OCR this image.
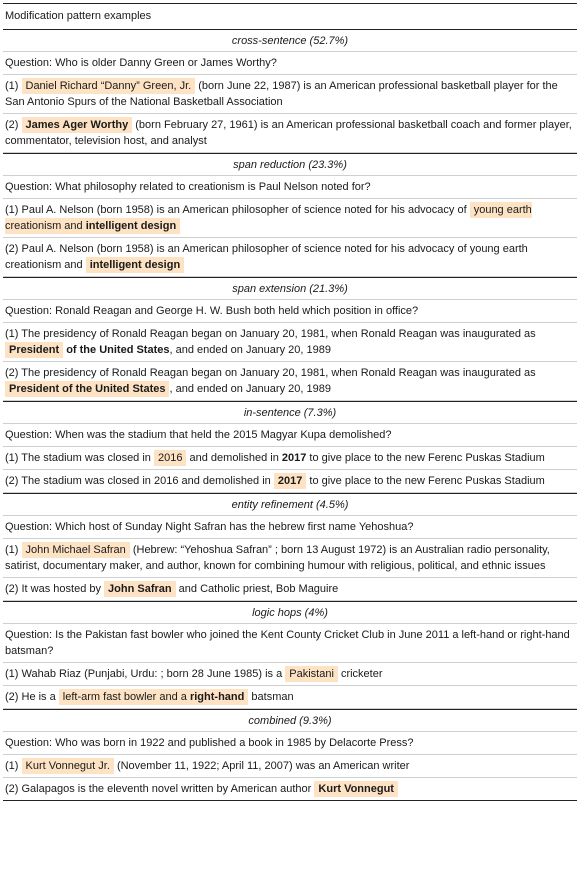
Modification pattern examples
cross-sentence (52.7%)
Question: Who is older Danny Green or James Worthy?
(1) Daniel Richard “Danny” Green, Jr. (born June 22, 1987) is an American professional basketball player for the San Antonio Spurs of the National Basketball Association
(2) James Ager Worthy (born February 27, 1961) is an American professional basketball coach and former player, commentator, television host, and analyst
span reduction (23.3%)
Question: What philosophy related to creationism is Paul Nelson noted for?
(1) Paul A. Nelson (born 1958) is an American philosopher of science noted for his advocacy of young earth creationism and intelligent design
(2) Paul A. Nelson (born 1958) is an American philosopher of science noted for his advocacy of young earth creationism and intelligent design
span extension (21.3%)
Question: Ronald Reagan and George H. W. Bush both held which position in office?
(1) The presidency of Ronald Reagan began on January 20, 1981, when Ronald Reagan was inaugurated as President of the United States, and ended on January 20, 1989
(2) The presidency of Ronald Reagan began on January 20, 1981, when Ronald Reagan was inaugurated as President of the United States , and ended on January 20, 1989
in-sentence (7.3%)
Question: When was the stadium that held the 2015 Magyar Kupa demolished?
(1) The stadium was closed in 2016 and demolished in 2017 to give place to the new Ferenc Puskas Stadium
(2) The stadium was closed in 2016 and demolished in 2017 to give place to the new Ferenc Puskas Stadium
entity refinement (4.5%)
Question: Which host of Sunday Night Safran has the hebrew first name Yehoshua?
(1) John Michael Safran (Hebrew: “Yehoshua Safran” ; born 13 August 1972) is an Australian radio personality, satirist, documentary maker, and author, known for combining humour with religious, political, and ethnic issues
(2) It was hosted by John Safran and Catholic priest, Bob Maguire
logic hops (4%)
Question: Is the Pakistan fast bowler who joined the Kent County Cricket Club in June 2011 a left-hand or right-hand batsman?
(1) Wahab Riaz (Punjabi, Urdu: ; born 28 June 1985) is a Pakistani cricketer
(2) He is a left-arm fast bowler and a right-hand batsman
combined (9.3%)
Question: Who was born in 1922 and published a book in 1985 by Delacorte Press?
(1) Kurt Vonnegut Jr. (November 11, 1922; April 11, 2007) was an American writer
(2) Galapagos is the eleventh novel written by American author Kurt Vonnegut
